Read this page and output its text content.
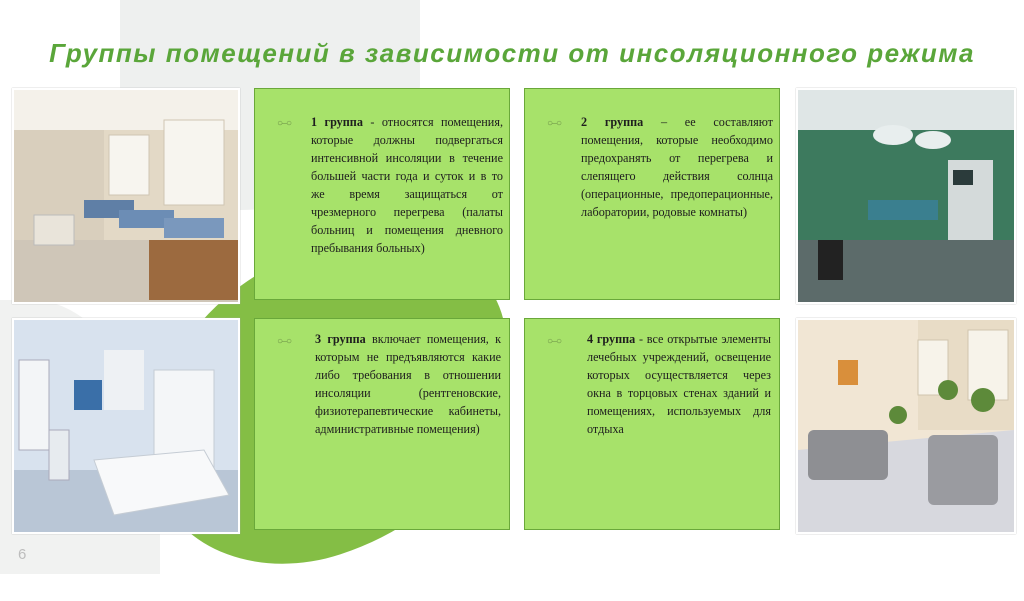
Группы помещений в зависимости от инсоляционного режима
○–○ 1 группа - относятся помещения, которые должны подвергаться интенсивной инсоляции в течение большей части года и суток и в то же время защищаться от чрезмерного перегрева (палаты больниц и помещения дневного пребывания больных)
○–○ 2 группа – ее составляют помещения, которые необходимо предохранять от перегрева и слепящего действия солнца (операционные, предоперационные, лаборатории, родовые комнаты)
○–○ 3 группа включает помещения, к которым не предъявляются какие либо требования в отношении инсоляции (рентгеновские, физиотерапевтические кабинеты, административные помещения)
○–○ 4 группа - все открытые элементы лечебных учреждений, освещение которых осуществляется через окна в торцовых стенах зданий и помещениях, используемых для отдыха
6
